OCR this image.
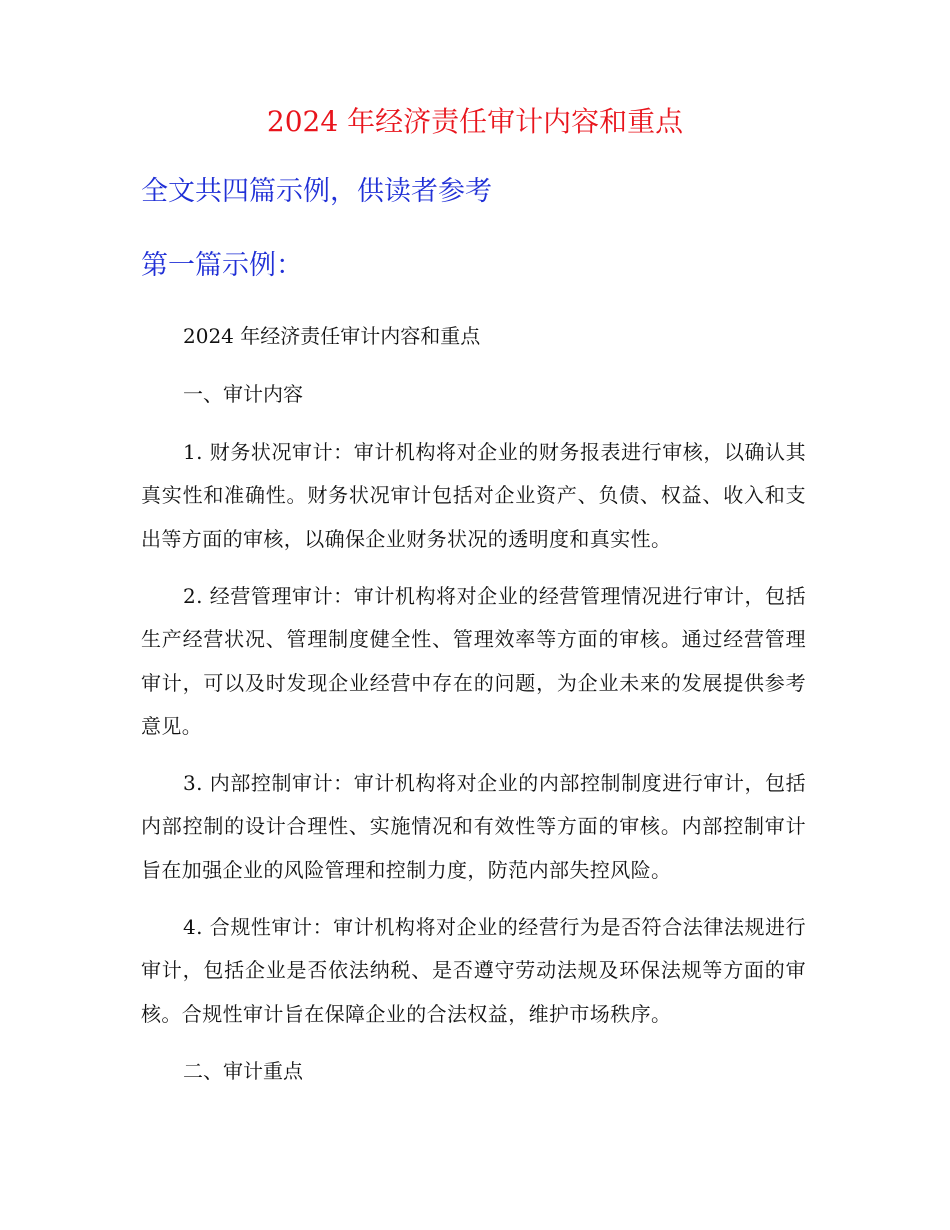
2024 年经济责任审计内容和重点
全文共四篇示例，供读者参考
第一篇示例：
2024 年经济责任审计内容和重点
一、审计内容
1. 财务状况审计：审计机构将对企业的财务报表进行审核，以确认其真实性和准确性。财务状况审计包括对企业资产、负债、权益、收入和支出等方面的审核，以确保企业财务状况的透明度和真实性。
2. 经营管理审计：审计机构将对企业的经营管理情况进行审计，包括生产经营状况、管理制度健全性、管理效率等方面的审核。通过经营管理审计，可以及时发现企业经营中存在的问题，为企业未来的发展提供参考意见。
3. 内部控制审计：审计机构将对企业的内部控制制度进行审计，包括内部控制的设计合理性、实施情况和有效性等方面的审核。内部控制审计旨在加强企业的风险管理和控制力度，防范内部失控风险。
4. 合规性审计：审计机构将对企业的经营行为是否符合法律法规进行审计，包括企业是否依法纳税、是否遵守劳动法规及环保法规等方面的审核。合规性审计旨在保障企业的合法权益，维护市场秩序。
二、审计重点
